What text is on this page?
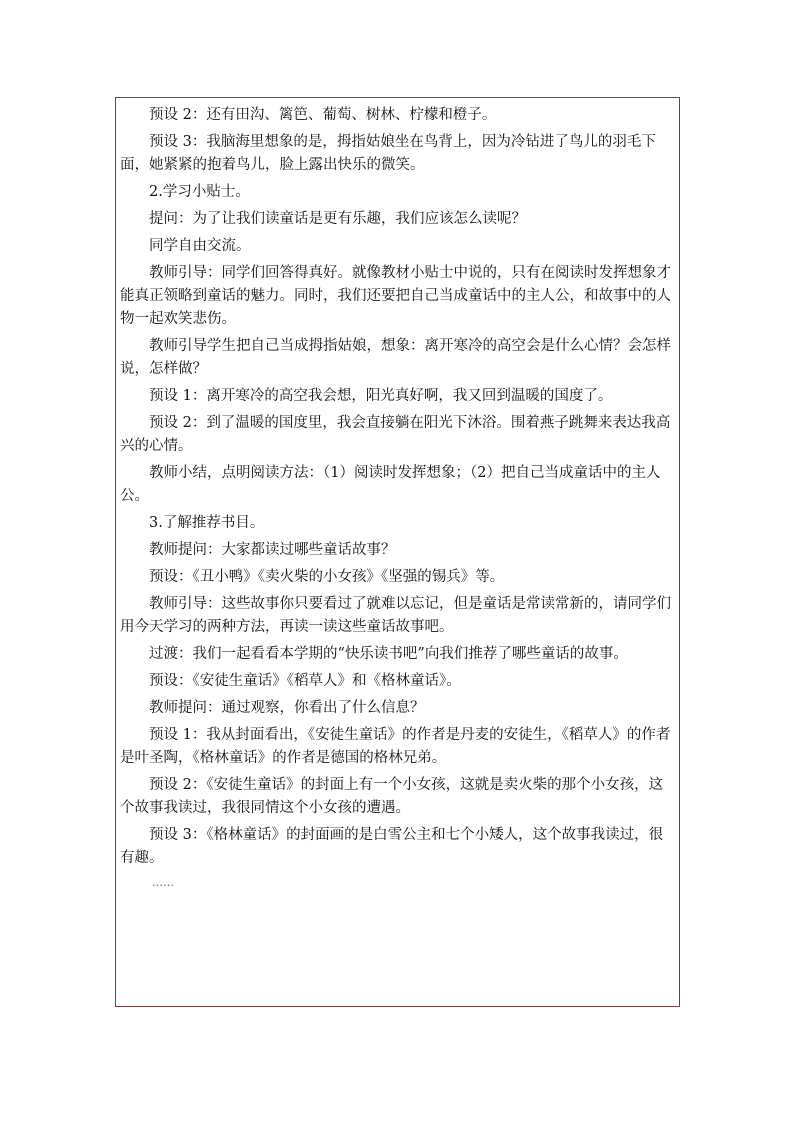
预设 2：还有田沟、篱笆、葡萄、树林、柠檬和橙子。

预设 3：我脑海里想象的是，拇指姑娘坐在鸟背上，因为冷钻进了鸟儿的羽毛下面，她紧紧的抱着鸟儿，脸上露出快乐的微笑。

2.学习小贴士。

提问：为了让我们读童话是更有乐趣，我们应该怎么读呢？

同学自由交流。

教师引导：同学们回答得真好。就像教材小贴士中说的，只有在阅读时发挥想象才能真正领略到童话的魅力。同时，我们还要把自己当成童话中的主人公，和故事中的人物一起欢笑悲伤。

教师引导学生把自己当成拇指姑娘，想象：离开寒冷的高空会是什么心情？会怎样说，怎样做？

预设 1：离开寒冷的高空我会想，阳光真好啊，我又回到温暖的国度了。

预设 2：到了温暖的国度里，我会直接躺在阳光下沐浴。围着燕子跳舞来表达我高兴的心情。

教师小结，点明阅读方法：（1）阅读时发挥想象；（2）把自己当成童话中的主人公。

3.了解推荐书目。

教师提问：大家都读过哪些童话故事？

预设：《丑小鸭》《卖火柴的小女孩》《坚强的锡兵》等。

教师引导：这些故事你只要看过了就难以忘记，但是童话是常读常新的，请同学们用今天学习的两种方法，再读一读这些童话故事吧。

过渡：我们一起看看本学期的“快乐读书吧”向我们推荐了哪些童话的故事。

预设：《安徒生童话》《稻草人》和《格林童话》。

教师提问：通过观察，你看出了什么信息？

预设 1：我从封面看出，《安徒生童话》的作者是丹麦的安徒生，《稻草人》的作者是叶圣陶，《格林童话》的作者是德国的格林兄弟。

预设 2：《安徒生童话》的封面上有一个小女孩，这就是卖火柴的那个小女孩，这个故事我读过，我很同情这个小女孩的遭遇。

预设 3：《格林童话》的封面画的是白雪公主和七个小矮人，这个故事我读过，很有趣。

……
